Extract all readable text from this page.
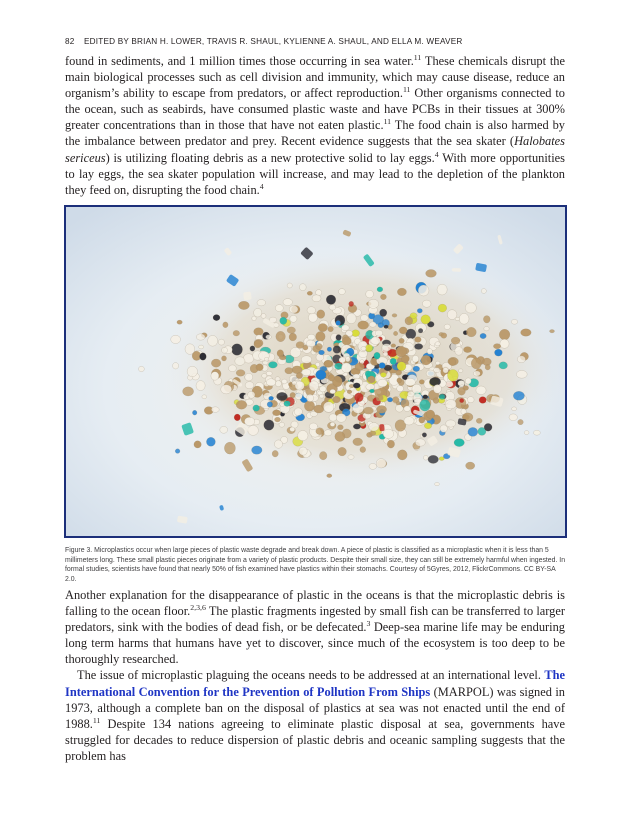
82 EDITED BY BRIAN H. LOWER, TRAVIS R. SHAUL, KYLIENNE A. SHAUL, AND ELLA M. WEAVER

found in sediments, and 1 million times those occurring in sea water.$^{11}$ These chemicals disrupt the main biological processes such as cell division and immunity, which may cause disease, reduce an organism’s ability to escape from predators, or affect reproduction.$^{11}$ Other organisms connected to the ocean, such as seabirds, have consumed plastic waste and have PCBs in their tissues at 300% greater concentrations than in those that have not eaten plastic.$^{11}$ The food chain is also harmed by the imbalance between predator and prey. Recent evidence suggests that the sea skater (Halobates sericeus) is utilizing floating debris as a new protective solid to lay eggs.$^4$ With more opportunities to lay eggs, the sea skater population will increase, and may lead to the depletion of the plankton they feed on, disrupting the food chain.$^4$

Figure 3. Microplastics occur when large pieces of plastic waste degrade and break down. A piece of plastic is classified as a microplastic when it is less than 5 millimeters long. These small plastic pieces originate from a variety of plastic products. Despite their small size, they can still be extremely harmful when ingested. In formal studies, scientists have found that nearly 50% of fish examined have plastics within their stomachs. Courtesy of 5Gyres, 2012, FlickrCommons. CC BY-SA 2.0.

Another explanation for the disappearance of plastic in the oceans is that the microplastic debris is falling to the ocean floor.$^{2,3,6}$ The plastic fragments ingested by small fish can be transferred to larger predators, sink with the bodies of dead fish, or be defecated.$^3$ Deep-sea marine life may be enduring long term harms that humans have yet to discover, since much of the ecosystem is too deep to be thoroughly researched.

The issue of microplastic plaguing the oceans needs to be addressed at an international level. The International Convention for the Prevention of Pollution From Ships (MARPOL) was signed in 1973, although a complete ban on the disposal of plastics at sea was not enacted until the end of 1988.11 Despite 134 nations agreeing to eliminate plastic disposal at sea, governments have struggled for decades to reduce dispersion of plastic debris and oceanic sampling suggests that the problem has
